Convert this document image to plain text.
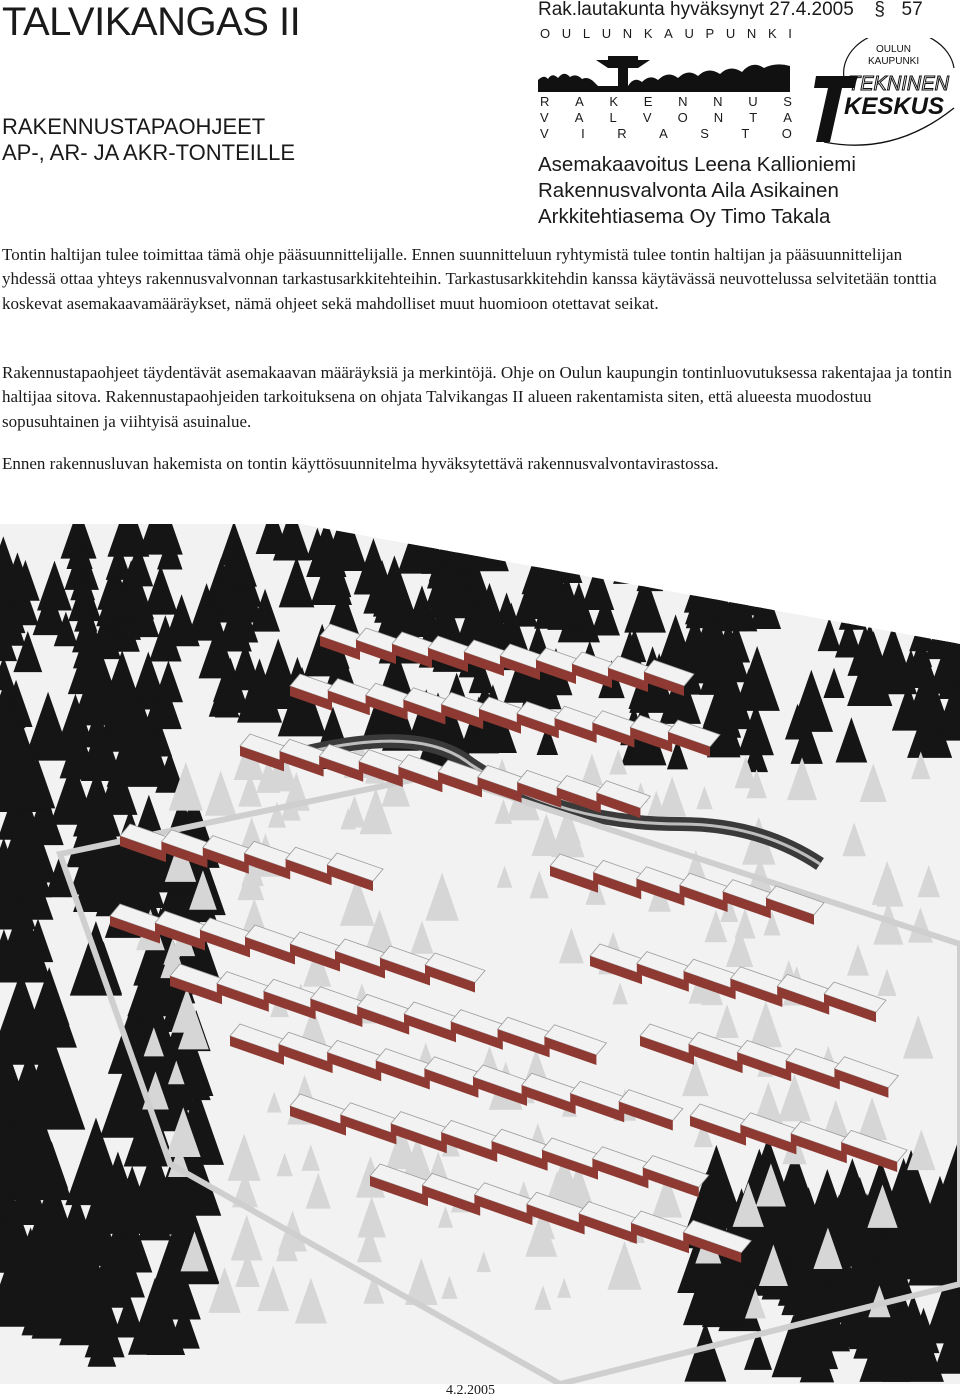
TALVIKANGAS II
RAKENNUSTAPAOHJEET
AP-, AR- JA AKR-TONTEILLE
Rak.lautakunta hyväksynyt 27.4.2005 § 57
O U L U N K A U P U N K I
R A K E N N U S
V A L V O N T A
V I R A S T O
OULUN
KAUPUNKI
TEKNINEN
KESKUS
Asemakaavoitus Leena Kallioniemi
Rakennusvalvonta Aila Asikainen
Arkkitehtiasema Oy Timo Takala
Tontin haltijan tulee toimittaa tämä ohje pääsuunnittelijalle. Ennen suunnitteluun ryhtymistä tulee tontin haltijan ja pääsuunnittelijan yhdessä ottaa yhteys rakennusvalvonnan tarkastusarkkitehteihin. Tarkastusarkkitehdin kanssa käytävässä neuvottelussa selvitetään tonttia koskevat asemakaavamääräykset, nämä ohjeet sekä mahdolliset muut huomioon otettavat seikat.
Rakennustapaohjeet täydentävät asemakaavan määräyksiä ja merkintöjä. Ohje on Oulun kaupungin tontinluovutuksessa rakentajaa ja tontin haltijaa sitova. Rakennustapaohjeiden tarkoituksena on ohjata Talvikangas II alueen rakentamista siten, että alueesta muodostuu sopusuhtainen ja viihtyisä asuinalue.
Ennen rakennusluvan hakemista on tontin käyttösuunnitelma hyväksytettävä rakennusvalvontavirastossa.
4.2.2005
